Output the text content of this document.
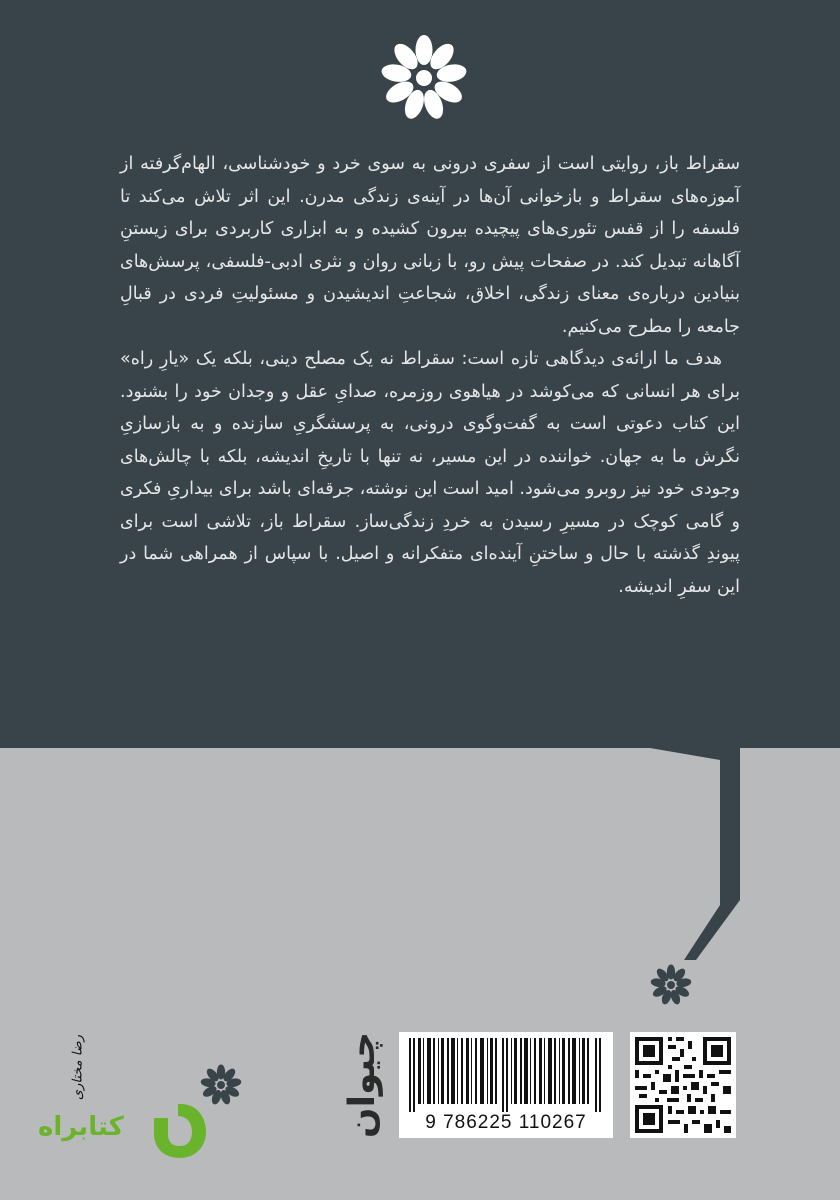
سقراط باز، روایتی است از سفری درونی به سوی خرد و خودشناسی، الهام‌گرفته از آموزه‌های سقراط و بازخوانی آن‌ها در آینه‌ی زندگی مدرن. این اثر تلاش می‌کند تا فلسفه را از قفس تئوری‌های پیچیده بیرون کشیده و به ابزاری کاربردی برای زیستنِ آگاهانه تبدیل کند. در صفحات پیش رو، با زبانی روان و نثری ادبی-فلسفی، پرسش‌های بنیادین درباره‌ی معنای زندگی، اخلاق، شجاعتِ اندیشیدن و مسئولیتِ فردی در قبالِ جامعه را مطرح می‌کنیم.

هدف ما ارائه‌ی دیدگاهی تازه است: سقراط نه یک مصلح دینی، بلکه یک «یارِ راه» برای هر انسانی که می‌کوشد در هیاهوی روزمره، صدایِ عقل و وجدان خود را بشنود. این کتاب دعوتی است به گفت‌وگوی درونی، به پرسشگریِ سازنده و به بازسازیِ نگرش ما به جهان. خواننده در این مسیر، نه تنها با تاریخِ اندیشه، بلکه با چالش‌های وجودی خود نیز روبرو می‌شود. امید است این نوشته، جرقه‌ای باشد برای بیداریِ فکری و گامی کوچک در مسیرِ رسیدن به خردِ زندگی‌ساز. سقراط باز، تلاشی است برای پیوندِ گذشته با حال و ساختنِ آینده‌ای متفکرانه و اصیل. با سپاس از همراهی شما در این سفرِ اندیشه.

9 786225 110267
چیوان
رضا مختاری
کتابراه
